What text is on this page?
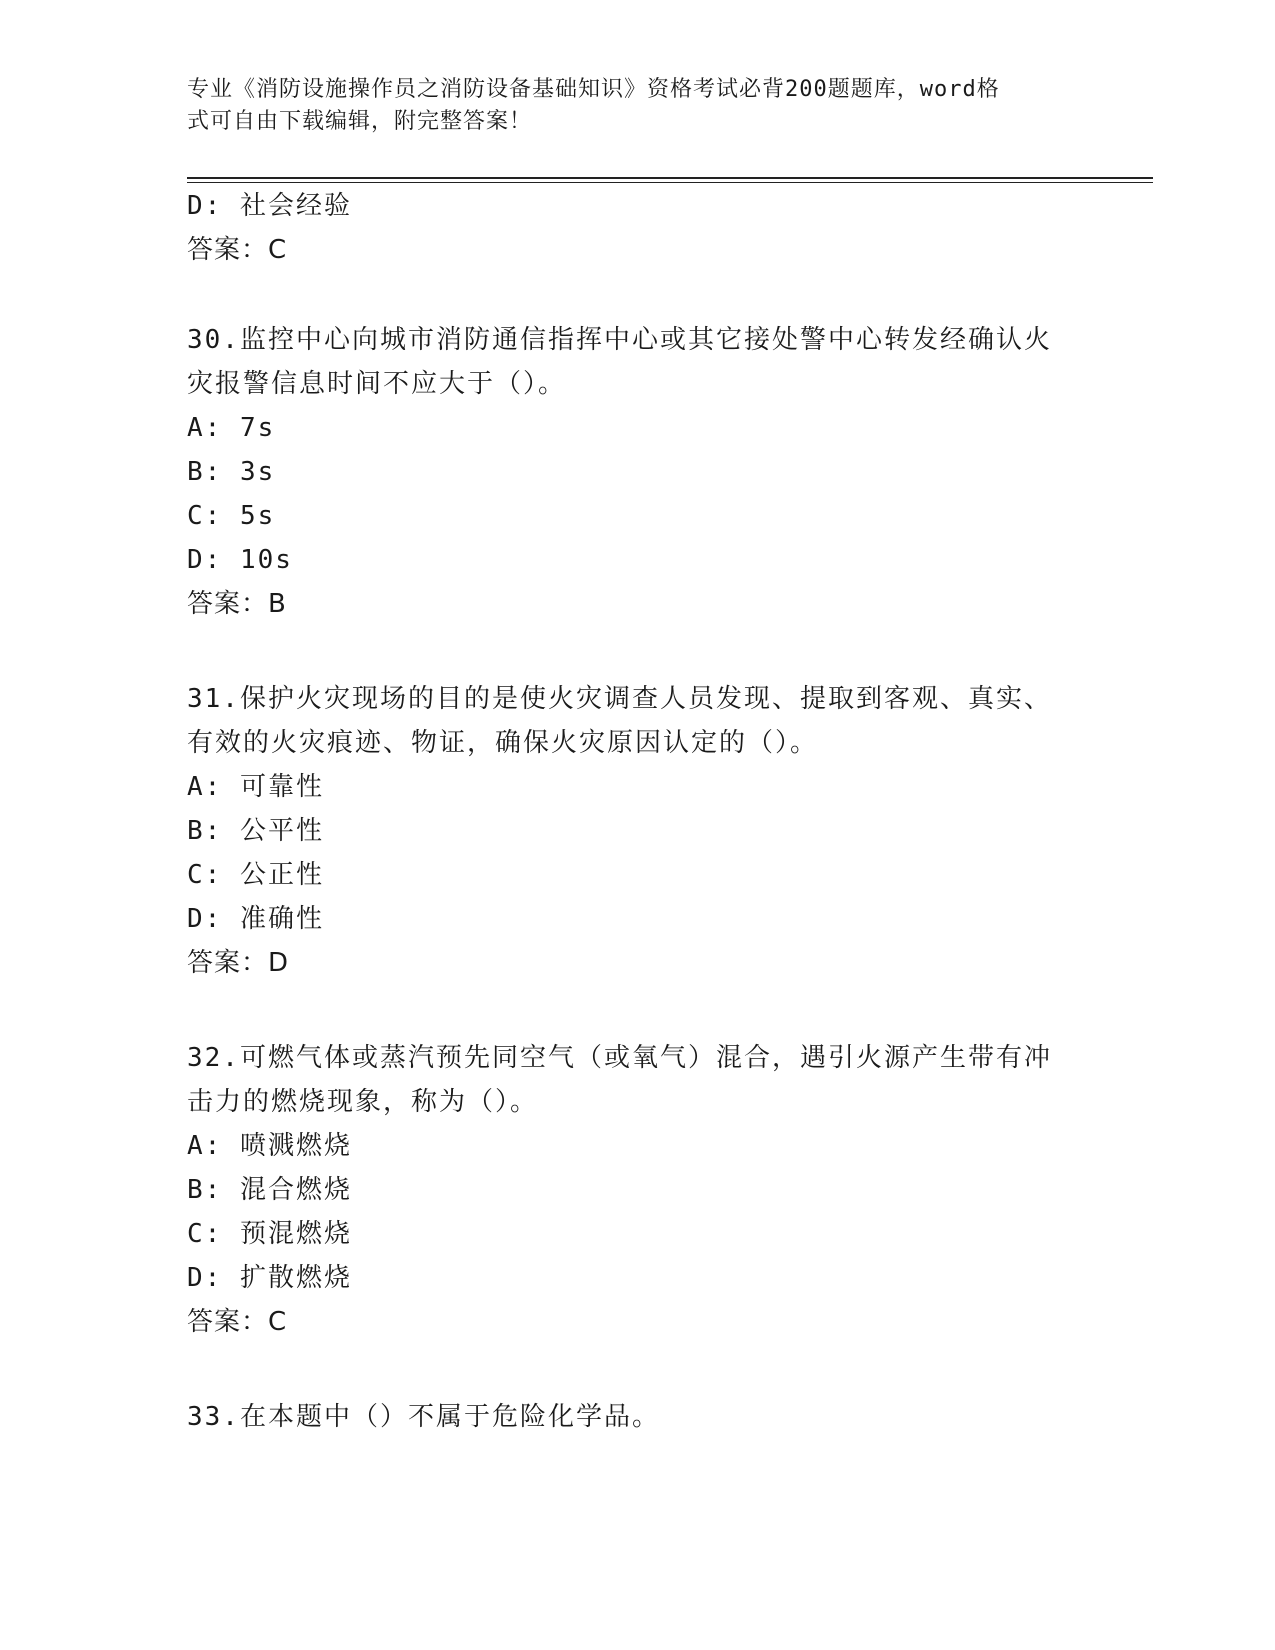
专业《消防设施操作员之消防设备基础知识》资格考试必背200题题库，word格
式可自由下载编辑，附完整答案！
D: 社会经验
答案：C
30.监控中心向城市消防通信指挥中心或其它接处警中心转发经确认火
灾报警信息时间不应大于（）。
A: 7s
B: 3s
C: 5s
D: 10s
答案：B
31.保护火灾现场的目的是使火灾调查人员发现、提取到客观、真实、
有效的火灾痕迹、物证，确保火灾原因认定的（）。
A: 可靠性
B: 公平性
C: 公正性
D: 准确性
答案：D
32.可燃气体或蒸汽预先同空气（或氧气）混合，遇引火源产生带有冲
击力的燃烧现象，称为（）。
A: 喷溅燃烧
B: 混合燃烧
C: 预混燃烧
D: 扩散燃烧
答案：C
33.在本题中（）不属于危险化学品。
